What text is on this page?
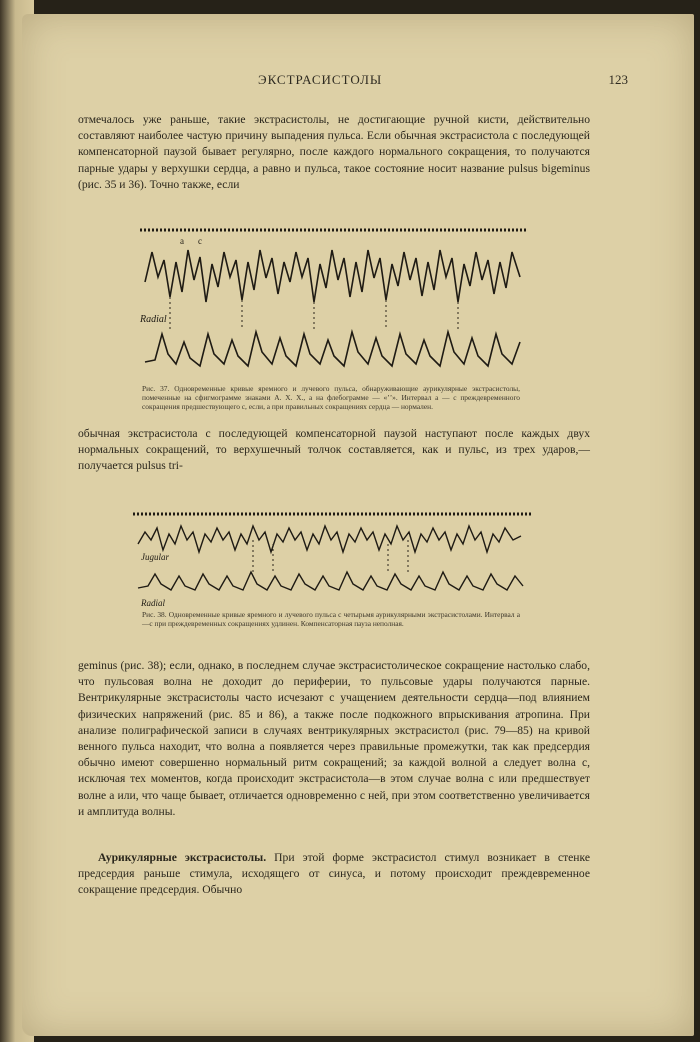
ЭКСТРАСИСТОЛЫ	123

отмечалось уже раньше, такие экстрасистолы, не достигающие ручной кисти, действительно составляют наиболее частую причину выпадения пульса. Если обычная экстрасистола с последующей компенсаторной паузой бывает регулярно, после каждого нормального сокращения, то получаются парные удары у верхушки сердца, а равно и пульса, такое состояние носит название pulsus bigeminus (рис. 35 и 36). Точно также, если

a c
Radial

Рис. 37. Одновременные кривые яремного и лучевого пульса, обнаруживающие аурикулярные экстрасистолы, помеченные на сфигмограмме знаками А. Х. Х., а на флебограмме — «ʼʼ». Интервал а — с преждевременного сокращения предшествующего c, если, а при правильных сокращениях сердца — нормален.

обычная экстрасистола с последующей компенсаторной паузой наступают после каждых двух нормальных сокращений, то верхушечный толчок составляется, как и пульс, из трех ударов,—получается pulsus tri-

Jugular
Radial

Рис. 38. Одновременные кривые яремного и лучевого пульса с четырьмя аурикулярными экстрасистолами. Интервал а—с при преждевременных сокращениях удлинен. Компенсаторная пауза неполная.

geminus (рис. 38); если, однако, в последнем случае экстрасистолическое сокращение настолько слабо, что пульсовая волна не доходит до периферии, то пульсовые удары получаются парные. Вентрикулярные экстрасистолы часто исчезают с учащением деятельности сердца—под влиянием физических напряжений (рис. 85 и 86), а также после подкожного впрыскивания атропина. При анализе полиграфической записи в случаях вентрикулярных экстрасистол (рис. 79—85) на кривой венного пульса находит, что волна а появляется через правильные промежутки, так как предсердия обычно имеют совершенно нормальный ритм сокращений; за каждой волной а следует волна с, исключая тех моментов, когда происходит экстрасистола—в этом случае волна с или предшествует волне а или, что чаще бывает, отличается одновременно с ней, при этом соответственно увеличивается и амплитуда волны.

Аурикулярные экстрасистолы. При этой форме экстрасистол стимул возникает в стенке предсердия раньше стимула, исходящего от синуса, и потому происходит преждевременное сокращение предсердия. Обычно
